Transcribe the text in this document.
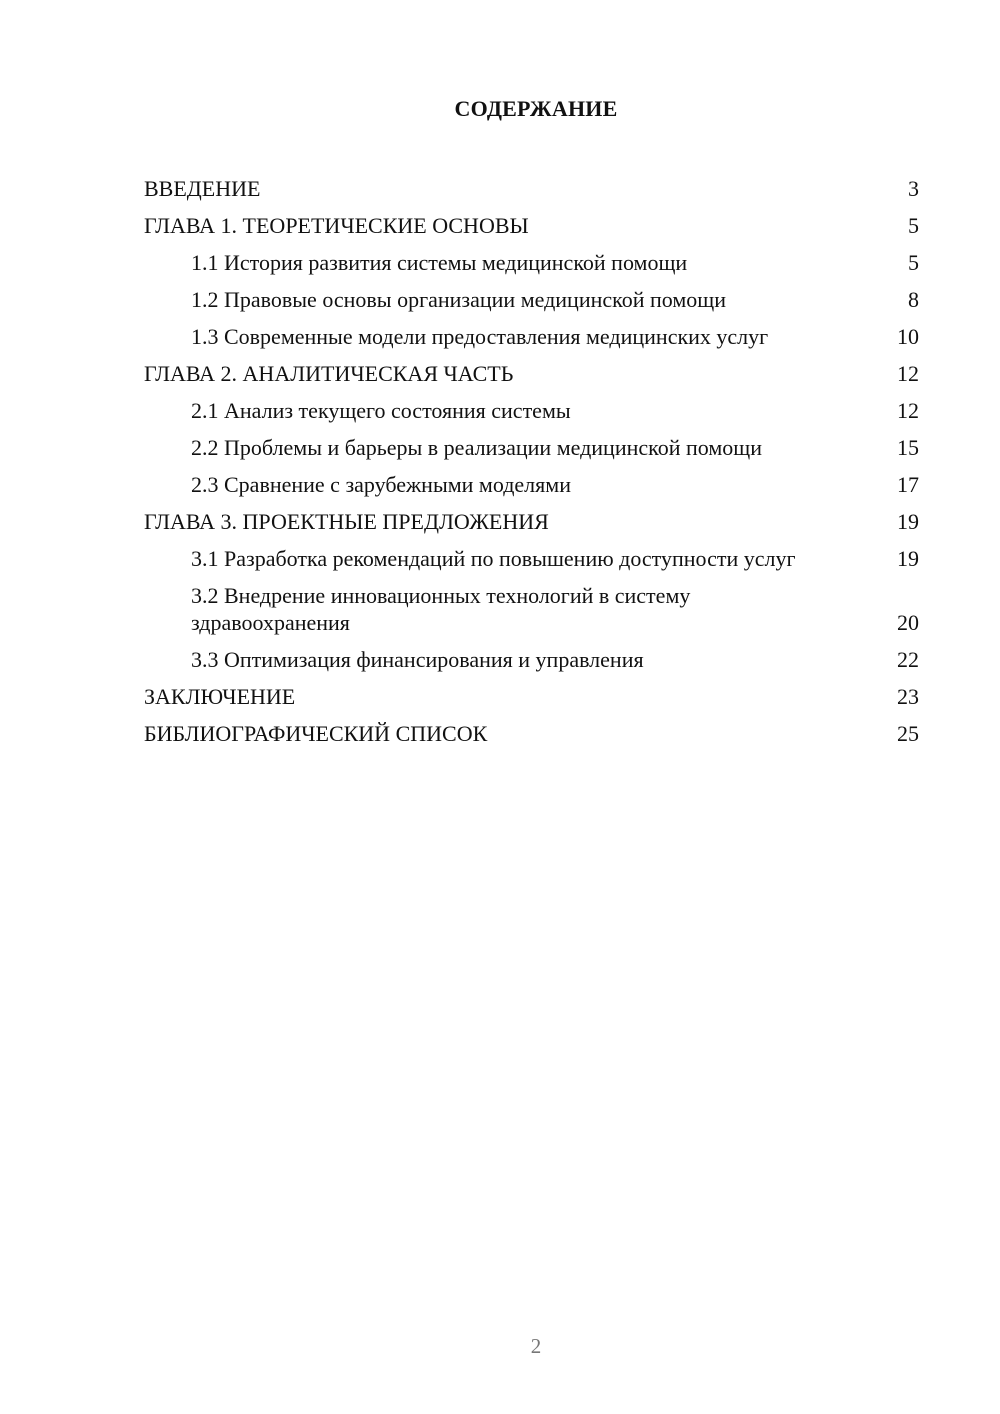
СОДЕРЖАНИЕ
ВВЕДЕНИЕ	3
ГЛАВА 1. ТЕОРЕТИЧЕСКИЕ ОСНОВЫ	5
1.1 История развития системы медицинской помощи	5
1.2 Правовые основы организации медицинской помощи	8
1.3 Современные модели предоставления медицинских услуг	10
ГЛАВА 2. АНАЛИТИЧЕСКАЯ ЧАСТЬ	12
2.1 Анализ текущего состояния системы	12
2.2 Проблемы и барьеры в реализации медицинской помощи	15
2.3 Сравнение с зарубежными моделями	17
ГЛАВА 3. ПРОЕКТНЫЕ ПРЕДЛОЖЕНИЯ	19
3.1 Разработка рекомендаций по повышению доступности услуг	19
3.2 Внедрение инновационных технологий в систему здравоохранения	20
3.3 Оптимизация финансирования и управления	22
ЗАКЛЮЧЕНИЕ	23
БИБЛИОГРАФИЧЕСКИЙ СПИСОК	25
2
